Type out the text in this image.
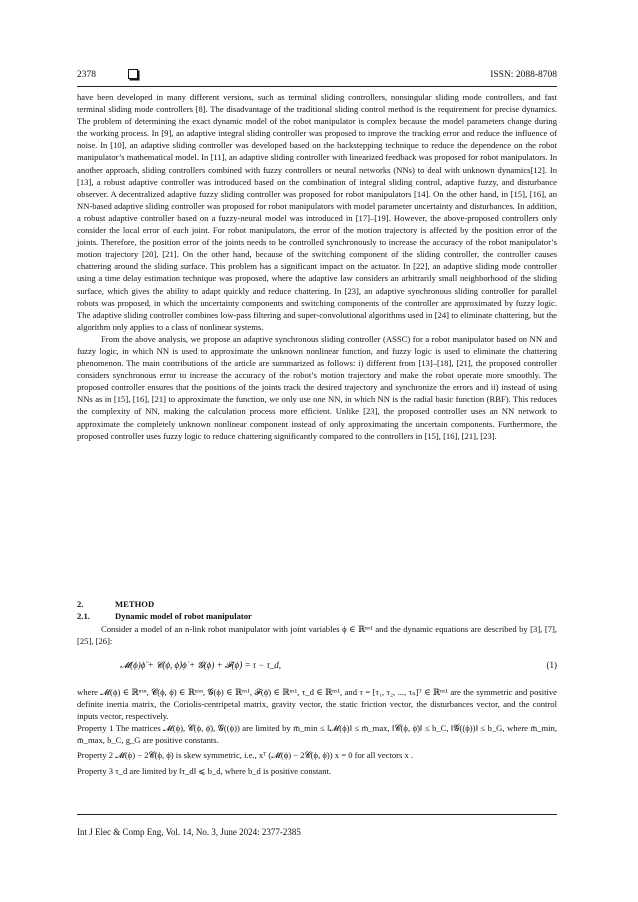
2378	ISSN: 2088-8708

have been developed in many different versions, such as terminal sliding controllers, nonsingular sliding mode controllers, and fast terminal sliding mode controllers [8]. The disadvantage of the traditional sliding control method is the requirement for precise dynamics. The problem of determining the exact dynamic model of the robot manipulator is complex because the model parameters change during the working process. In [9], an adaptive integral sliding controller was proposed to improve the tracking error and reduce the influence of noise. In [10], an adaptive sliding controller was developed based on the backstepping technique to reduce the dependence on the robot manipulator’s mathematical model. In [11], an adaptive sliding controller with linearized feedback was proposed for robot manipulators. In another approach, sliding controllers combined with fuzzy controllers or neural networks (NNs) to deal with unknown dynamics[12]. In [13], a robust adaptive controller was introduced based on the combination of integral sliding control, adaptive fuzzy, and disturbance observer. A decentralized adaptive fuzzy sliding controller was proposed for robot manipulators [14]. On the other hand, in [15], [16], an NN-based adaptive sliding controller was proposed for robot manipulators with model parameter uncertainty and disturbances. In addition, a robust adaptive controller based on a fuzzy-neural model was introduced in [17]–[19]. However, the above-proposed controllers only consider the local error of each joint. For robot manipulators, the error of the motion trajectory is affected by the position error of the joints. Therefore, the position error of the joints needs to be controlled synchronously to increase the accuracy of the robot manipulator’s motion trajectory [20], [21]. On the other hand, because of the switching component of the sliding controller, the controller causes chattering around the sliding surface. This problem has a significant impact on the actuator. In [22], an adaptive sliding mode controller using a time delay estimation technique was proposed, where the adaptive law considers an arbitrarily small neighborhood of the sliding surface, which gives the ability to adapt quickly and reduce chattering. In [23], an adaptive synchronous sliding controller for parallel robots was proposed, in which the uncertainty components and switching components of the controller are approximated by fuzzy logic. The adaptive sliding controller combines low-pass filtering and super-convolutional algorithms used in [24] to eliminate chattering, but the algorithm only applies to a class of nonlinear systems.

From the above analysis, we propose an adaptive synchronous sliding controller (ASSC) for a robot manipulator based on NN and fuzzy logic, in which NN is used to approximate the unknown nonlinear function, and fuzzy logic is used to eliminate the chattering phenomenon. The main contributions of the article are summarized as follows: i) different from [13]–[18], [21], the proposed controller considers synchronous error to increase the accuracy of the robot’s motion trajectory and make the robot operate more smoothly. The proposed controller ensures that the positions of the joints track the desired trajectory and synchronize the errors and ii) instead of using NNs as in [15], [16], [21] to approximate the function, we only use one NN, in which NN is the radial basic function (RBF). This reduces the complexity of NN, making the calculation process more efficient. Unlike [23], the proposed controller uses an NN network to approximate the completely unknown nonlinear component instead of only approximating the uncertain components. Furthermore, the proposed controller uses fuzzy logic to reduce chattering significantly compared to the controllers in [15], [16], [21], [23].

2.	METHOD
2.1.	Dynamic model of robot manipulator

Consider a model of an n-link robot manipulator with joint variables ϕ ∈ ℝⁿˣ¹ and the dynamic equations are described by [3], [7], [25], [26]:

𝓜(ϕ)ϕ̈ + 𝓒(ϕ, ϕ̇)ϕ̇ + 𝓖(ϕ) + 𝓕(ϕ̇) = τ − τ_d,	(1)

where 𝓜(ϕ) ∈ ℝⁿˣⁿ, 𝓒(ϕ, ϕ̇) ∈ ℝⁿˣⁿ, 𝓖(ϕ) ∈ ℝⁿˣ¹, 𝓕(ϕ̇) ∈ ℝⁿˣ¹, τ_d ∈ ℝⁿˣ¹, and τ = [τ₁, τ₂, ..., τₙ]ᵀ ∈ ℝⁿˣ¹ are the symmetric and positive definite inertia matrix, the Coriolis-centripetal matrix, gravity vector, the static friction vector, the disturbances vector, and the control inputs vector, respectively.

Property 1 The matrices 𝓜(ϕ), 𝓒(ϕ, ϕ̇), 𝓖((ϕ)) are limited by m̄_min ≤ ‖𝓜(ϕ)‖ ≤ m̄_max, ‖𝓒(ϕ, ϕ̇)‖ ≤ b_C, ‖𝓖((ϕ))‖ ≤ b_G, where m̄_min, m̄_max, b_C, g_G are positive constants.

Property 2 𝓜̇(ϕ) − 2𝓒(ϕ, ϕ̇) is skew symmetric, i.e., xᵀ (𝓜̇(ϕ) − 2𝓒(ϕ, ϕ̇)) x = 0 for all vectors x .

Property 3 τ_d are limited by ‖τ_d‖ ⩽ b_d, where b_d is positive constant.

Int J Elec & Comp Eng, Vol. 14, No. 3, June 2024: 2377-2385
